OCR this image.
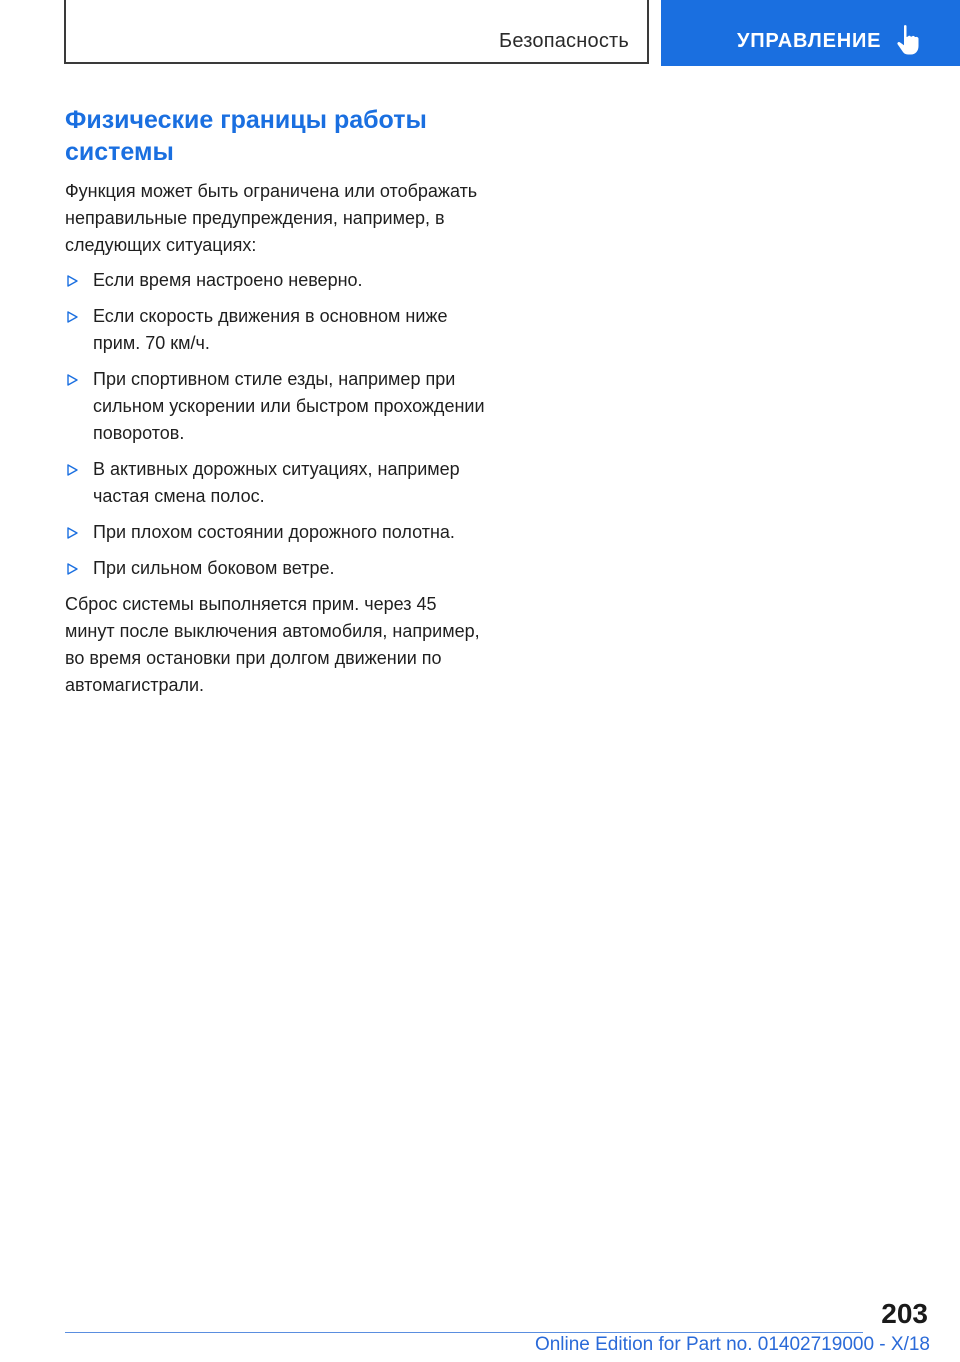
Безопасность	УПРАВЛЕНИЕ
Физические границы работы системы

Функция может быть ограничена или отображать неправильные предупреждения, например, в следующих ситуациях:

Если время настроено неверно.
Если скорость движения в основном ниже прим. 70 км/ч.
При спортивном стиле езды, например при сильном ускорении или быстром прохождении поворотов.
В активных дорожных ситуациях, например частая смена полос.
При плохом состоянии дорожного полотна.
При сильном боковом ветре.

Сброс системы выполняется прим. через 45 минут после выключения автомобиля, например, во время остановки при долгом движении по автомагистрали.

203
Online Edition for Part no. 01402719000 - X/18
